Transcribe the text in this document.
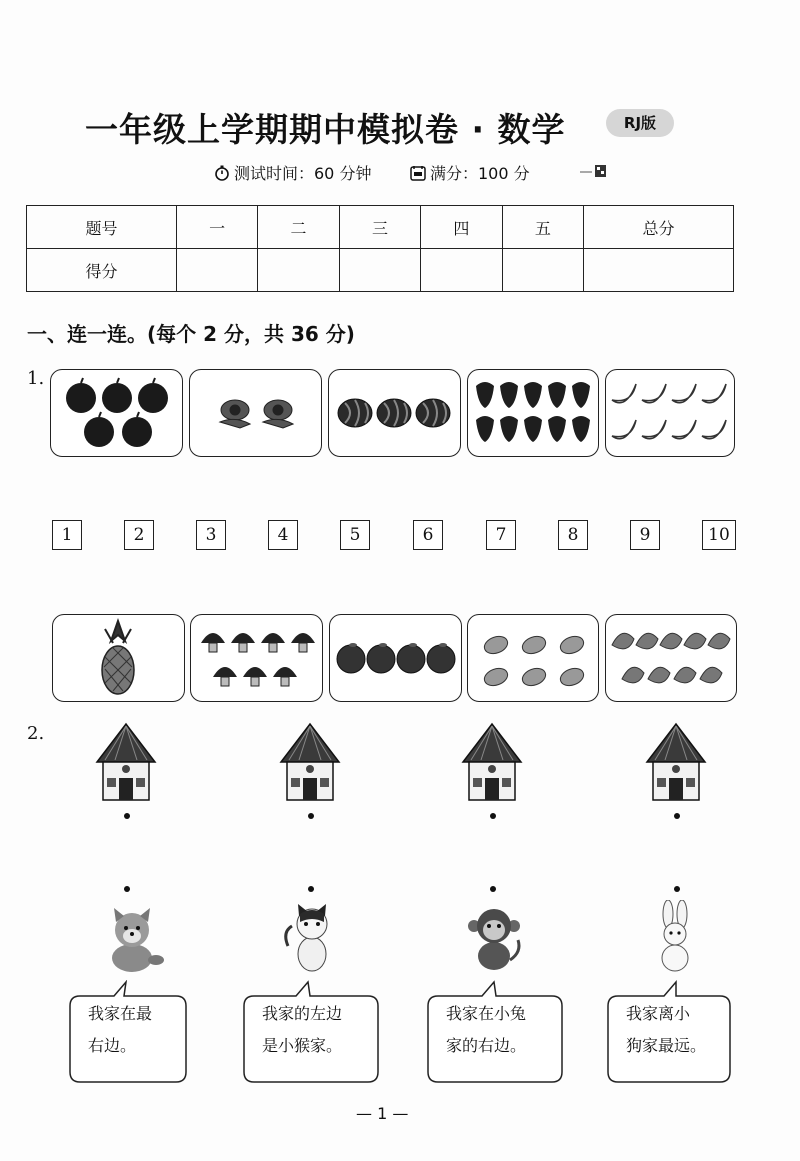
一年级上学期期中模拟卷 · 数学	RJ版
测试时间：60 分钟	满分：100 分
题号	一	二	三	四	五	总分
得分						
一、连一连。(每个 2 分，共 36 分)
1.
2.
1	2	3	4	5	6	7	8	9	10
我家在最
右边。
我家的左边
是小猴家。
我家在小兔
家的右边。
我家离小
狗家最远。
— 1 —
